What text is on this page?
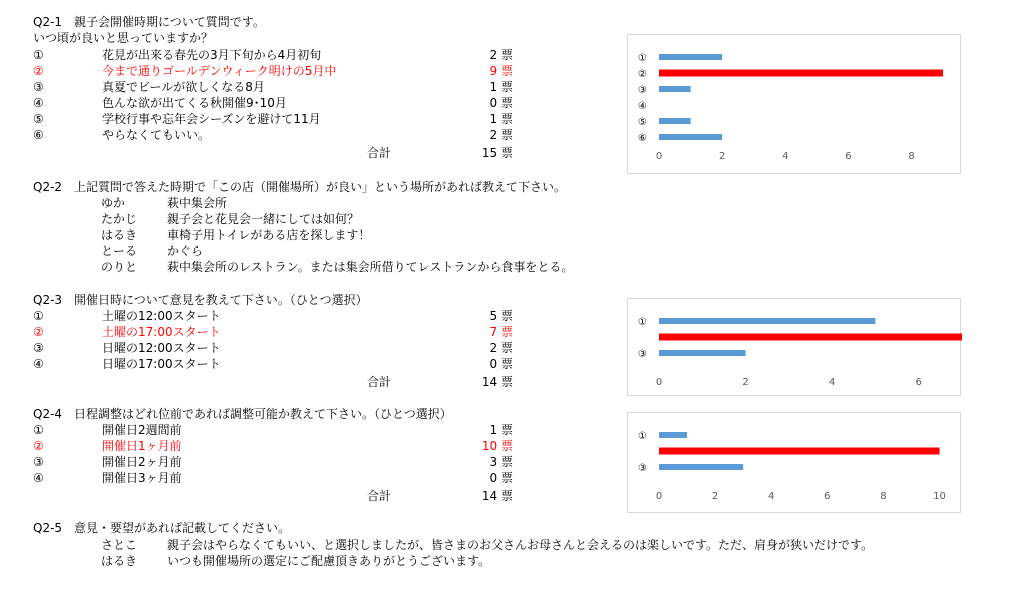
Q2-1　親子会開催時期について質問です。
いつ頃が良いと思っていますか？
①	花見が出来る春先の3月下旬から4月初旬	2 票
②	今まで通りゴールデンウィーク明けの5月中	9 票
③	真夏でビールが欲しくなる8月	1 票
④	色んな欲が出てくる秋開催9･10月	0 票
⑤	学校行事や忘年会シーズンを避けて11月	1 票
⑥	やらなくてもいい。	2 票
合計	15 票
①
②
③
④
⑤
⑥
0	2	4	6	8
Q2-2　上記質問で答えた時期で「この店（開催場所）が良い」という場所があれば教えて下さい。
ゆか	萩中集会所
たかじ 親子会と花見会一緒にしては如何？
はるき 車椅子用トイレがある店を探します！
とーる かぐら
のりと 萩中集会所のレストラン。または集会所借りてレストランから食事をとる。
Q2-3　開催日時について意見を教えて下さい。（ひとつ選択）
①	土曜の12:00スタート	5 票
②	土曜の17:00スタート	7 票
③	日曜の12:00スタート	2 票
④	日曜の17:00スタート	0 票
合計	14 票
①
③
0	2	4	6
Q2-4　日程調整はどれ位前であれば調整可能か教えて下さい。（ひとつ選択）
①	開催日2週間前	1 票
②	開催日1ヶ月前	10 票
③	開催日2ヶ月前	3 票
④	開催日3ヶ月前	0 票
合計	14 票
①
③
0	2	4	6	8	10
Q2-5　意見・要望があれば記載してください。
さとこ 親子会はやらなくてもいい、と選択しましたが、皆さまのお父さんお母さんと会えるのは楽しいです。ただ、肩身が狭いだけです。
はるき いつも開催場所の選定にご配慮頂きありがとうございます。
